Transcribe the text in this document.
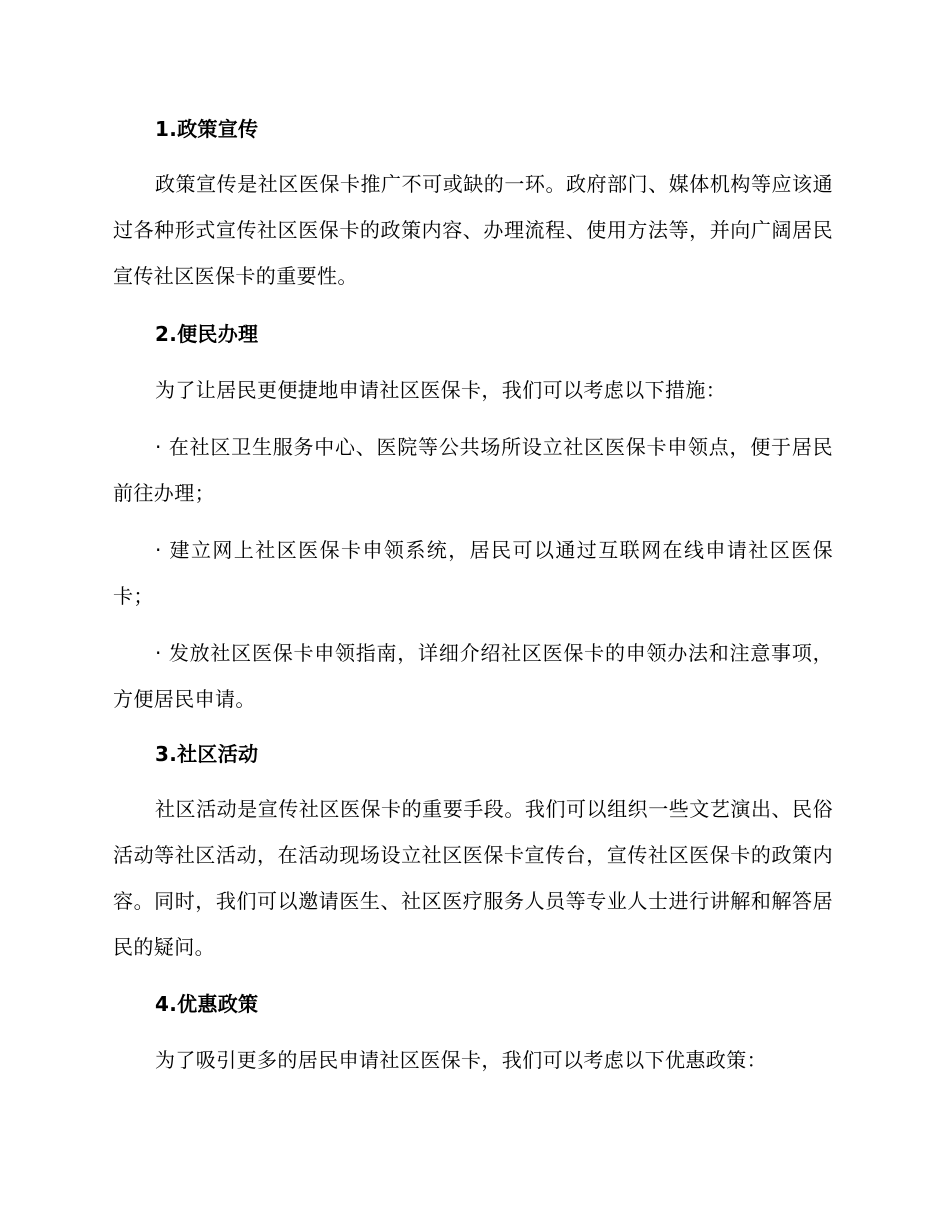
1.政策宣传

政策宣传是社区医保卡推广不可或缺的一环。政府部门、媒体机构等应该通过各种形式宣传社区医保卡的政策内容、办理流程、使用方法等，并向广阔居民宣传社区医保卡的重要性。

2.便民办理

为了让居民更便捷地申请社区医保卡，我们可以考虑以下措施：

· 在社区卫生服务中心、医院等公共场所设立社区医保卡申领点，便于居民前往办理；

· 建立网上社区医保卡申领系统，居民可以通过互联网在线申请社区医保卡；

· 发放社区医保卡申领指南，详细介绍社区医保卡的申领办法和注意事项，方便居民申请。

3.社区活动

社区活动是宣传社区医保卡的重要手段。我们可以组织一些文艺演出、民俗活动等社区活动，在活动现场设立社区医保卡宣传台，宣传社区医保卡的政策内容。同时，我们可以邀请医生、社区医疗服务人员等专业人士进行讲解和解答居民的疑问。

4.优惠政策

为了吸引更多的居民申请社区医保卡，我们可以考虑以下优惠政策：
